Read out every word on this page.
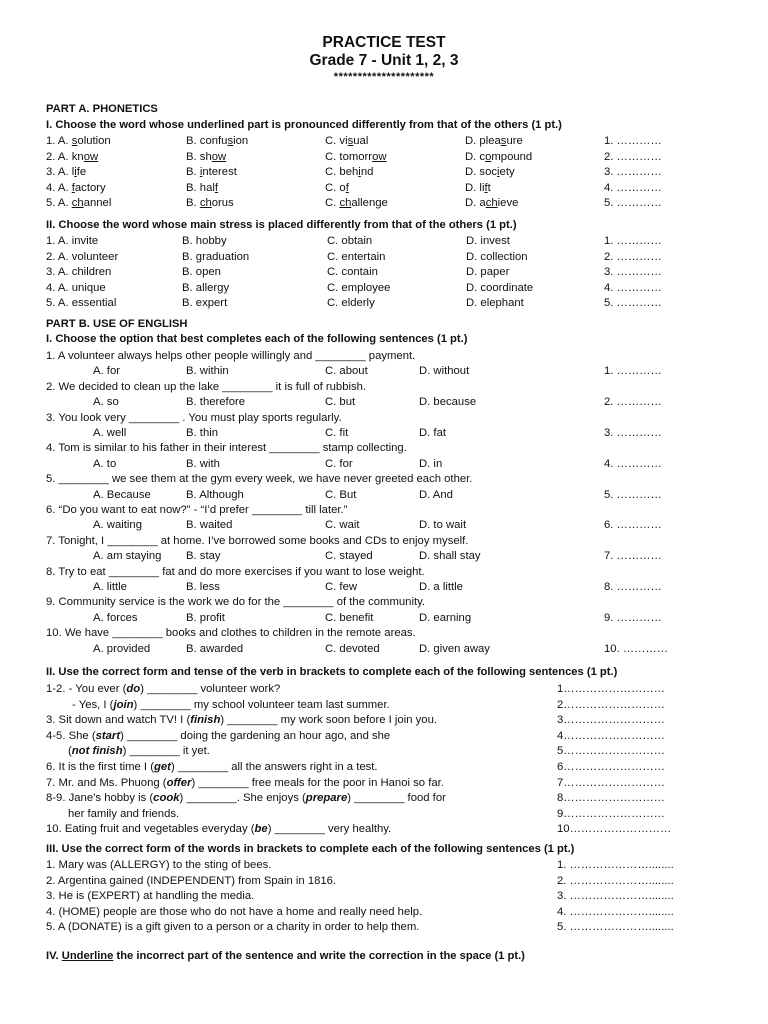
PRACTICE TEST
Grade 7 - Unit 1, 2, 3
*********************
PART A. PHONETICS
I. Choose the word whose underlined part is pronounced differently from that of the others (1 pt.)
1. A. solution	B. confusion	C. visual	D. pleasure	1. …………
2. A. know	B. show	C. tomorrow	D. compound	2. …………
3. A. life	B. interest	C. behind	D. society	3. …………
4. A. factory	B. half	C. of	D. lift	4. …………
5. A. channel	B. chorus	C. challenge	D. achieve	5. …………
II. Choose the word whose main stress is placed differently from that of the others (1 pt.)
1. A. invite	B. hobby	C. obtain	D. invest	1. …………
2. A. volunteer	B. graduation	C. entertain	D. collection	2. …………
3. A. children	B. open	C. contain	D. paper	3. …………
4. A. unique	B. allergy	C. employee	D. coordinate	4. …………
5. A. essential	B. expert	C. elderly	D. elephant	5. …………
PART B. USE OF ENGLISH
I. Choose the option that best completes each of the following sentences (1 pt.)
1. A volunteer always helps other people willingly and ________ payment.
A. for	B. within	C. about	D. without	1. …………
2. We decided to clean up the lake ________ it is full of rubbish.
A. so	B. therefore	C. but	D. because	2. …………
3. You look very ________ . You must play sports regularly.
A. well	B. thin	C. fit	D. fat	3. …………
4. Tom is similar to his father in their interest ________ stamp collecting.
A. to	B. with	C. for	D. in	4. …………
5. ________ we see them at the gym every week, we have never greeted each other.
A. Because	B. Although	C. But	D. And	5. …………
6. “Do you want to eat now?” - “I’d prefer ________ till later.”
A. waiting	B. waited	C. wait	D. to wait	6. …………
7. Tonight, I ________ at home. I’ve borrowed some books and CDs to enjoy myself.
A. am staying B. stay	C. stayed	D. shall stay	7. …………
8. Try to eat ________ fat and do more exercises if you want to lose weight.
A. little	B. less	C. few	D. a little	8. …………
9. Community service is the work we do for the ________ of the community.
A. forces	B. profit	C. benefit	D. earning	9. …………
10. We have ________ books and clothes to children in the remote areas.
A. provided	B. awarded	C. devoted	D. given away	10. …………
II. Use the correct form and tense of the verb in brackets to complete each of the following sentences (1 pt.)
1-2. - You ever (do) ________ volunteer work?	1………………………
- Yes, I (join) ________ my school volunteer team last summer.	2………………………
3. Sit down and watch TV! I (finish) ________ my work soon before I join you.	3………………………
4-5. She (start) ________ doing the gardening an hour ago, and she	4………………………
(not finish) ________ it yet.	5………………………
6. It is the first time I (get) ________ all the answers right in a test.	6………………………
7. Mr. and Ms. Phuong (offer) ________ free meals for the poor in Hanoi so far.	7………………………
8-9. Jane’s hobby is (cook) ________. She enjoys (prepare) ________ food for	8………………………
her family and friends.	9………………………
10. Eating fruit and vegetables everyday (be) ________ very healthy.	10………………………
III. Use the correct form of the words in brackets to complete each of the following sentences (1 pt.)
1. Mary was (ALLERGY) to the sting of bees.	1. …………………........
2. Argentina gained (INDEPENDENT) from Spain in 1816.	2. …………………........
3. He is (EXPERT) at handling the media.	3. …………………........
4. (HOME) people are those who do not have a home and really need help.	4. …………………........
5. A (DONATE) is a gift given to a person or a charity in order to help them.	5. …………………........
IV. Underline the incorrect part of the sentence and write the correction in the space (1 pt.)
